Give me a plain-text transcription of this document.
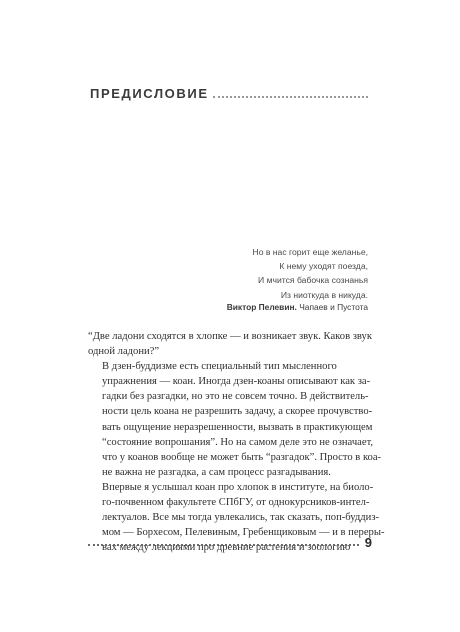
ПРЕДИСЛОВИЕ
Но в нас горит еще желанье,
К нему уходят поезда,
И мчится бабочка сознанья
Из ниоткуда в никуда.
Виктор Пелевин. Чапаев и Пустота

“Две ладони сходятся в хлопке — и возникает звук. Каков звук
одной ладони?”

В дзен-буддизме есть специальный тип мысленного
упражнения — коан. Иногда дзен-коаны описывают как за-
гадки без разгадки, но это не совсем точно. В действитель-
ности цель коана не разрешить задачу, а скорее прочувство-
вать ощущение неразрешенности, вызвать в практикующем
“состояние вопрошания”. Но на самом деле это не означает,
что у коанов вообще не может быть “разгадок”. Просто в коа-
не важна не разгадка, а сам процесс разгадывания.

Впервые я услышал коан про хлопок в институте, на биоло-
го-почвенном факультете СПбГУ, от однокурсников-интел-
лектуалов. Все мы тогда увлекались, так сказать, поп-буддиз-
мом — Борхесом, Пелевиным, Гребенщиковым — и в переры-
вах между лекциями про древние растения и зоологию	9
